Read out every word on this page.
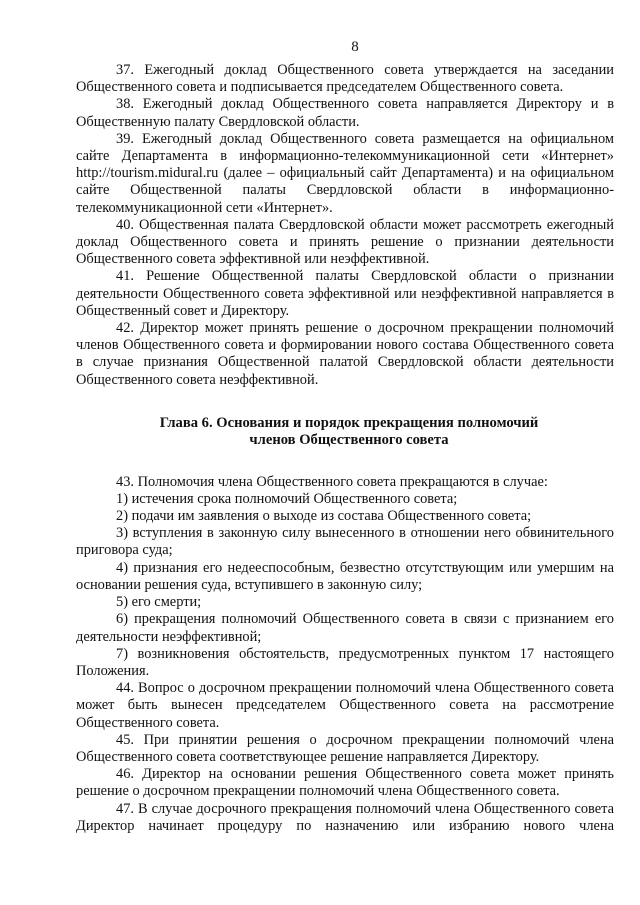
8

37. Ежегодный доклад Общественного совета утверждается на заседании Общественного совета и подписывается председателем Общественного совета.

38. Ежегодный доклад Общественного совета направляется Директору и в Общественную палату Свердловской области.

39. Ежегодный доклад Общественного совета размещается на официальном сайте Департамента в информационно-телекоммуникационной сети «Интернет» http://tourism.midural.ru (далее – официальный сайт Департамента) и на официальном сайте Общественной палаты Свердловской области в информационно-телекоммуникационной сети «Интернет».

40. Общественная палата Свердловской области может рассмотреть ежегодный доклад Общественного совета и принять решение о признании деятельности Общественного совета эффективной или неэффективной.

41. Решение Общественной палаты Свердловской области о признании деятельности Общественного совета эффективной или неэффективной направляется в Общественный совет и Директору.

42. Директор может принять решение о досрочном прекращении полномочий членов Общественного совета и формировании нового состава Общественного совета в случае признания Общественной палатой Свердловской области деятельности Общественного совета неэффективной.

Глава 6. Основания и порядок прекращения полномочий
членов Общественного совета

43. Полномочия члена Общественного совета прекращаются в случае:

1) истечения срока полномочий Общественного совета;

2) подачи им заявления о выходе из состава Общественного совета;

3) вступления в законную силу вынесенного в отношении него обвинительного приговора суда;

4) признания его недееспособным, безвестно отсутствующим или умершим на основании решения суда, вступившего в законную силу;

5) его смерти;

6) прекращения полномочий Общественного совета в связи с признанием его деятельности неэффективной;

7) возникновения обстоятельств, предусмотренных пунктом 17 настоящего Положения.

44. Вопрос о досрочном прекращении полномочий члена Общественного совета может быть вынесен председателем Общественного совета на рассмотрение Общественного совета.

45. При принятии решения о досрочном прекращении полномочий члена Общественного совета соответствующее решение направляется Директору.

46. Директор на основании решения Общественного совета может принять решение о досрочном прекращении полномочий члена Общественного совета.

47. В случае досрочного прекращения полномочий члена Общественного совета Директор начинает процедуру по назначению или избранию нового члена
